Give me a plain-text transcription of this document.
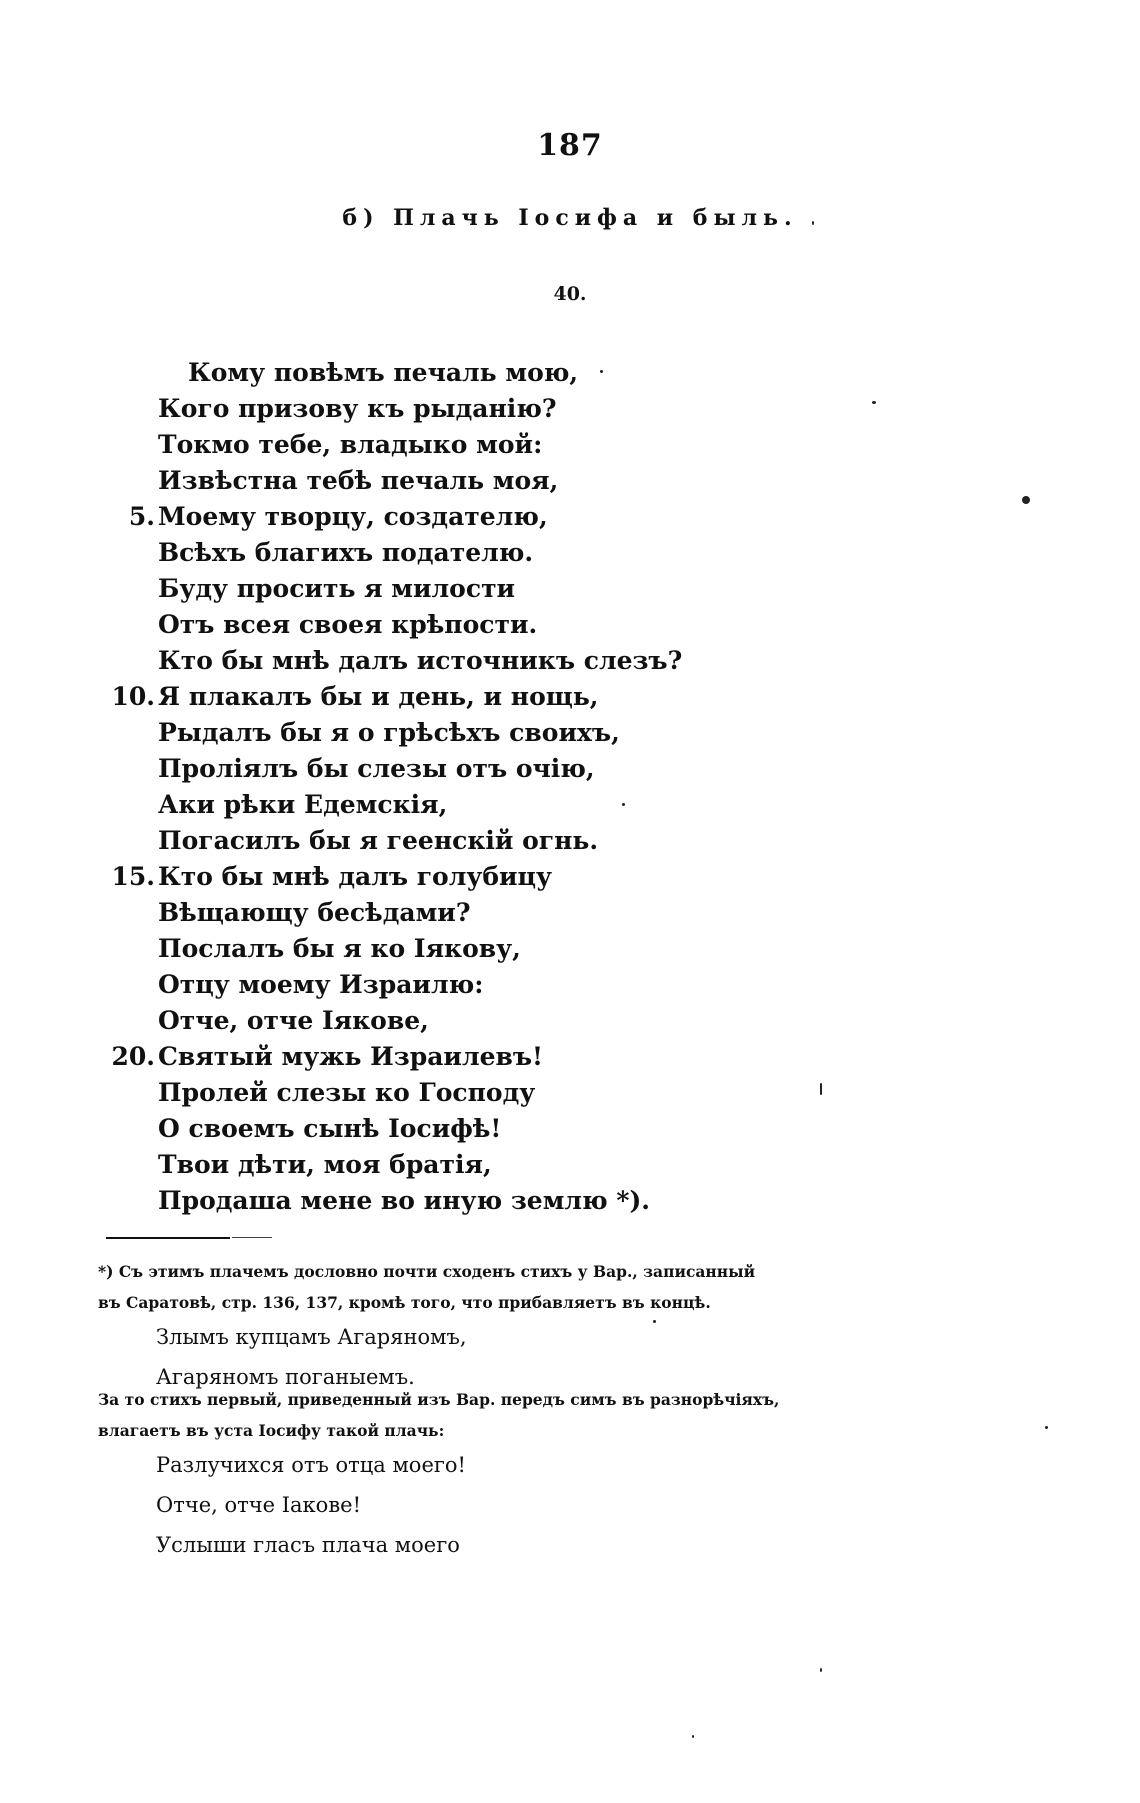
187
б) Плачь Іосифа и быль.
40.
Кому повѣмъ печаль мою,
Кого призову къ рыданію?
Токмо тебе, владыко мой:
Извѣстна тебѣ печаль моя,
5. Моему творцу, создателю,
Всѣхъ благихъ подателю.
Буду просить я милости
Отъ всея своея крѣпости.
Кто бы мнѣ далъ источникъ слезъ?
10. Я плакалъ бы и день, и нощь,
Рыдалъ бы я о грѣсѣхъ своихъ,
Проліялъ бы слезы отъ очію,
Аки рѣки Едемскія,
Погасилъ бы я геенскій огнь.
15. Кто бы мнѣ далъ голубицу
Вѣщающу бесѣдами?
Послалъ бы я ко Іякову,
Отцу моему Израилю:
Отче, отче Іякове,
20. Святый мужь Израилевъ!
Пролей слезы ко Господу
О своемъ сынѣ Іосифѣ!
Твои дѣти, моя братія,
Продаша мене во иную землю *).
*) Съ этимъ плачемъ дословно почти сходенъ стихъ у Вар., записанный
въ Саратовѣ, стр. 136, 137, кромѣ того, что прибавляетъ въ концѣ.
Злымъ купцамъ Агаряномъ,
Агаряномъ поганыемъ.
За то стихъ первый, приведенный изъ Вар. передъ симъ въ разнорѣчіяхъ,
влагаетъ въ уста Іосифу такой плачь:
Разлучихся отъ отца моего!
Отче, отче Іакове!
Услыши гласъ плача моего
